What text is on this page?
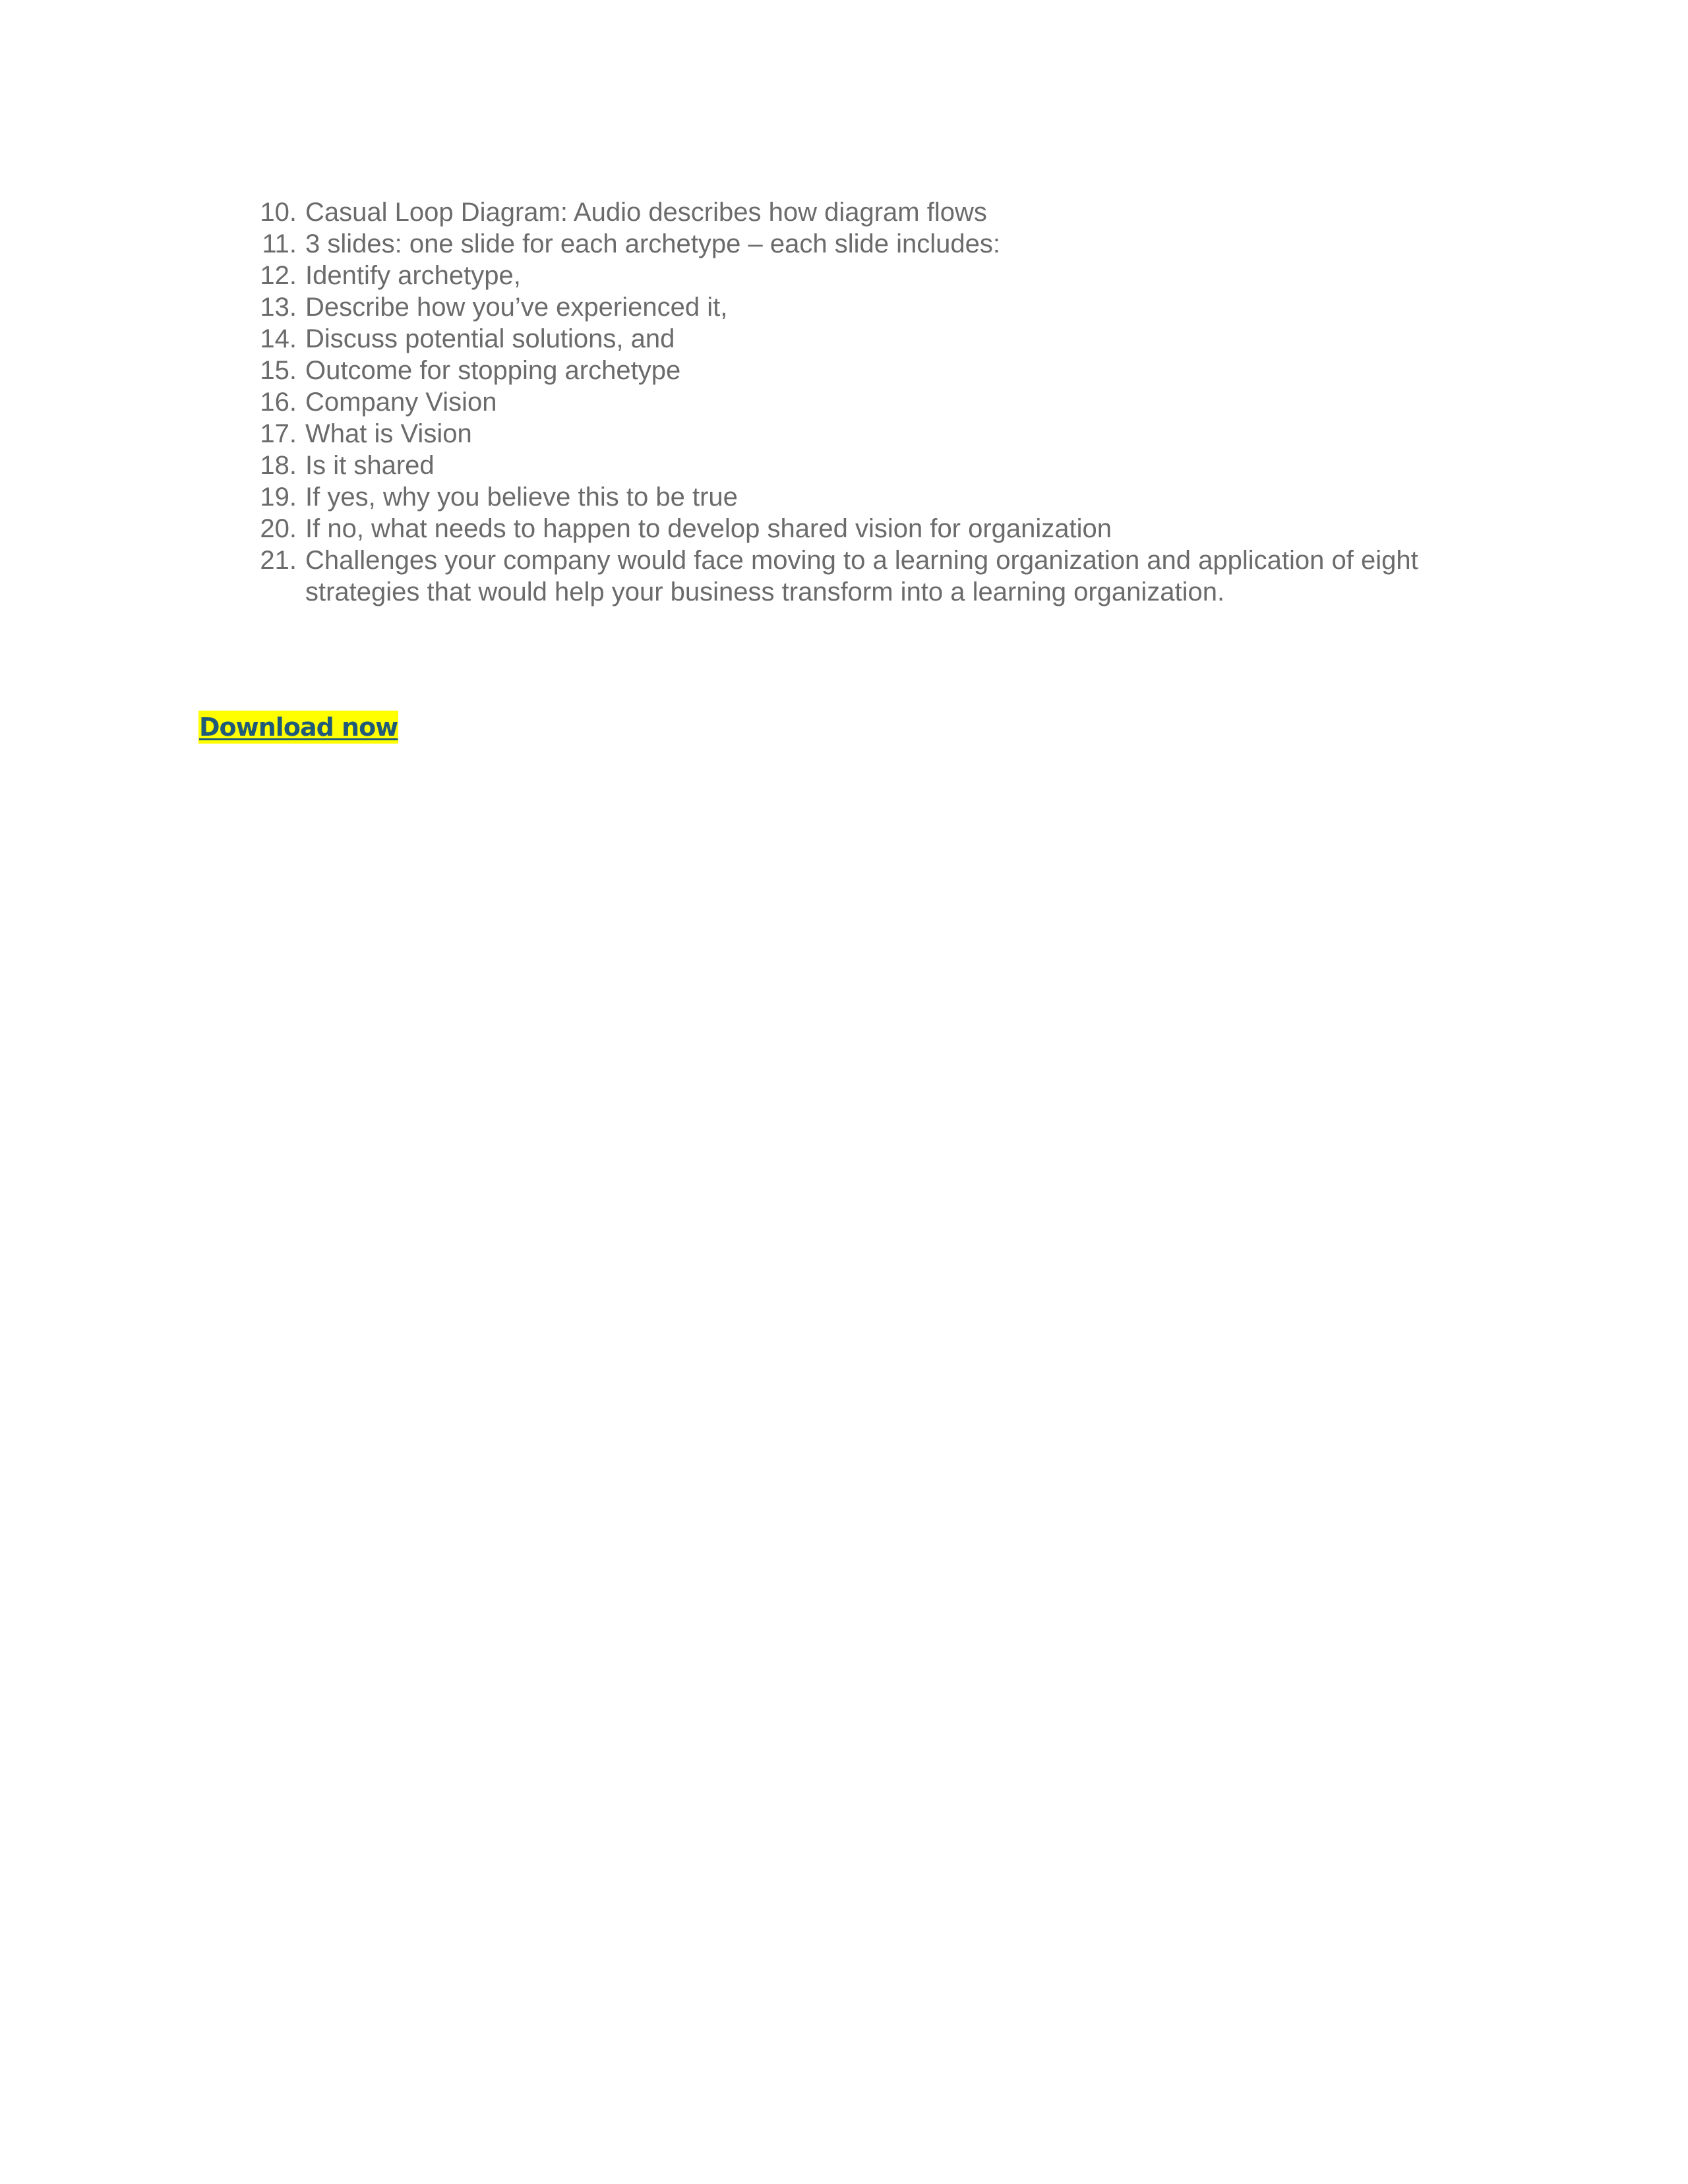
10. Casual Loop Diagram: Audio describes how diagram flows
11. 3 slides: one slide for each archetype – each slide includes:
12. Identify archetype,
13. Describe how you’ve experienced it,
14. Discuss potential solutions, and
15. Outcome for stopping archetype
16. Company Vision
17. What is Vision
18. Is it shared
19. If yes, why you believe this to be true
20. If no, what needs to happen to develop shared vision for organization
21. Challenges your company would face moving to a learning organization and application of eight strategies that would help your business transform into a learning organization.
Download now
